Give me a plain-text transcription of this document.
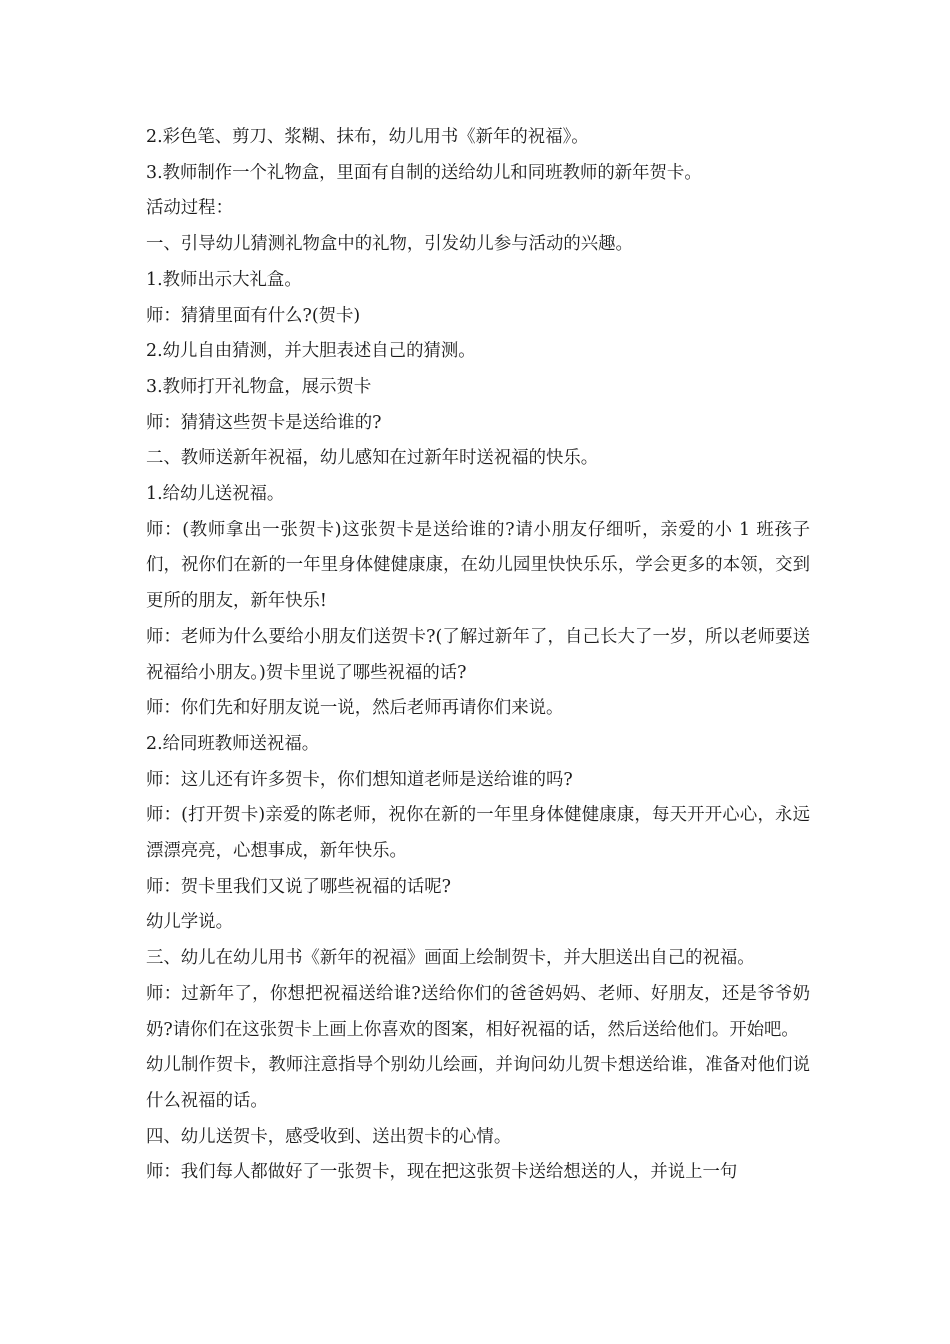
2.彩色笔、剪刀、浆糊、抹布，幼儿用书《新年的祝福》。

3.教师制作一个礼物盒，里面有自制的送给幼儿和同班教师的新年贺卡。

活动过程：

一、引导幼儿猜测礼物盒中的礼物，引发幼儿参与活动的兴趣。

1.教师出示大礼盒。

师：猜猜里面有什么?(贺卡)

2.幼儿自由猜测，并大胆表述自己的猜测。

3.教师打开礼物盒，展示贺卡

师：猜猜这些贺卡是送给谁的?

二、教师送新年祝福，幼儿感知在过新年时送祝福的快乐。

1.给幼儿送祝福。

师：(教师拿出一张贺卡)这张贺卡是送给谁的?请小朋友仔细听，亲爱的小 1 班孩子们，祝你们在新的一年里身体健健康康，在幼儿园里快快乐乐，学会更多的本领，交到更所的朋友，新年快乐!

师：老师为什么要给小朋友们送贺卡?(了解过新年了，自己长大了一岁，所以老师要送祝福给小朋友。)贺卡里说了哪些祝福的话?

师：你们先和好朋友说一说，然后老师再请你们来说。

2.给同班教师送祝福。

师：这儿还有许多贺卡，你们想知道老师是送给谁的吗?

师：(打开贺卡)亲爱的陈老师，祝你在新的一年里身体健健康康，每天开开心心，永远漂漂亮亮，心想事成，新年快乐。

师：贺卡里我们又说了哪些祝福的话呢?

幼儿学说。

三、幼儿在幼儿用书《新年的祝福》画面上绘制贺卡，并大胆送出自己的祝福。

师：过新年了，你想把祝福送给谁?送给你们的爸爸妈妈、老师、好朋友，还是爷爷奶奶?请你们在这张贺卡上画上你喜欢的图案，相好祝福的话，然后送给他们。开始吧。

幼儿制作贺卡，教师注意指导个别幼儿绘画，并询问幼儿贺卡想送给谁，准备对他们说什么祝福的话。

四、幼儿送贺卡，感受收到、送出贺卡的心情。

师：我们每人都做好了一张贺卡，现在把这张贺卡送给想送的人，并说上一句
